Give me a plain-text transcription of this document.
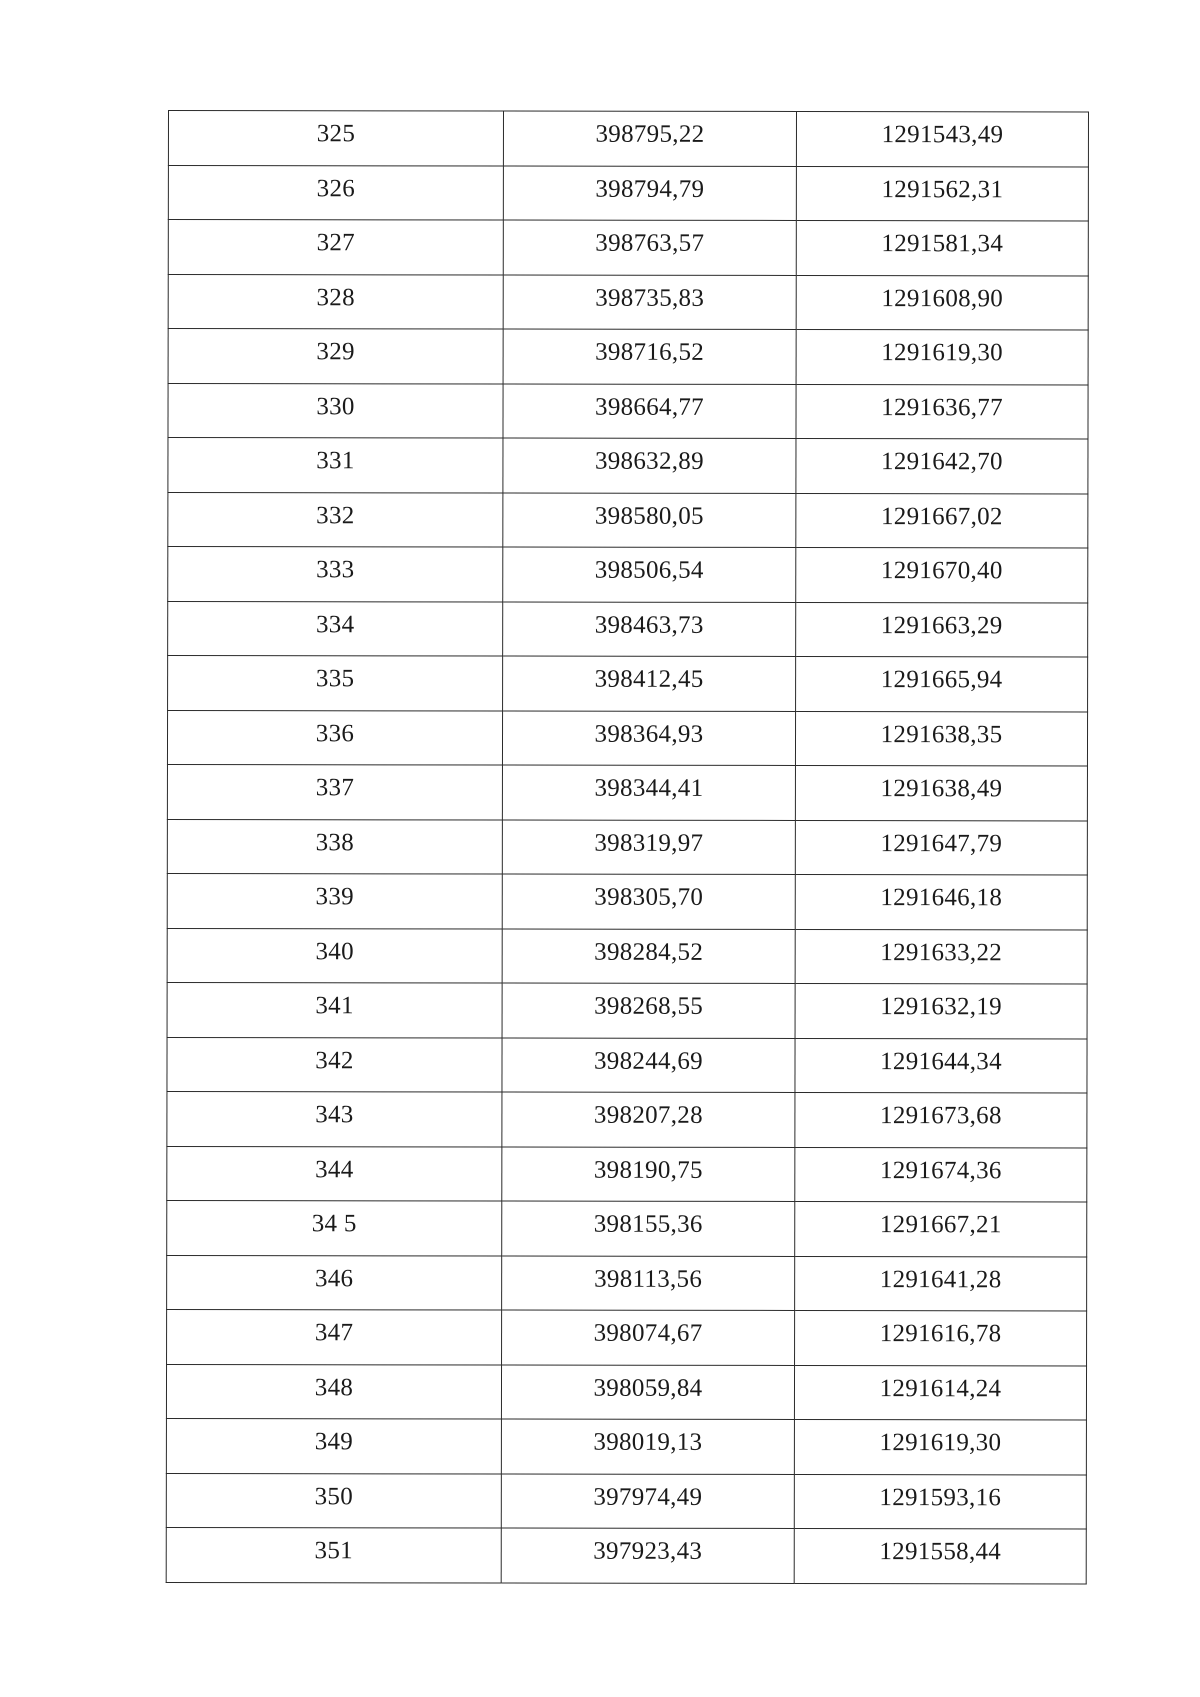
325	398795,22	1291543,49
326	398794,79	1291562,31
327	398763,57	1291581,34
328	398735,83	1291608,90
329	398716,52	1291619,30
330	398664,77	1291636,77
331	398632,89	1291642,70
332	398580,05	1291667,02
333	398506,54	1291670,40
334	398463,73	1291663,29
335	398412,45	1291665,94
336	398364,93	1291638,35
337	398344,41	1291638,49
338	398319,97	1291647,79
339	398305,70	1291646,18
340	398284,52	1291633,22
341	398268,55	1291632,19
342	398244,69	1291644,34
343	398207,28	1291673,68
344	398190,75	1291674,36
34 5	398155,36	1291667,21
346	398113,56	1291641,28
347	398074,67	1291616,78
348	398059,84	1291614,24
349	398019,13	1291619,30
350	397974,49	1291593,16
351	397923,43	1291558,44
